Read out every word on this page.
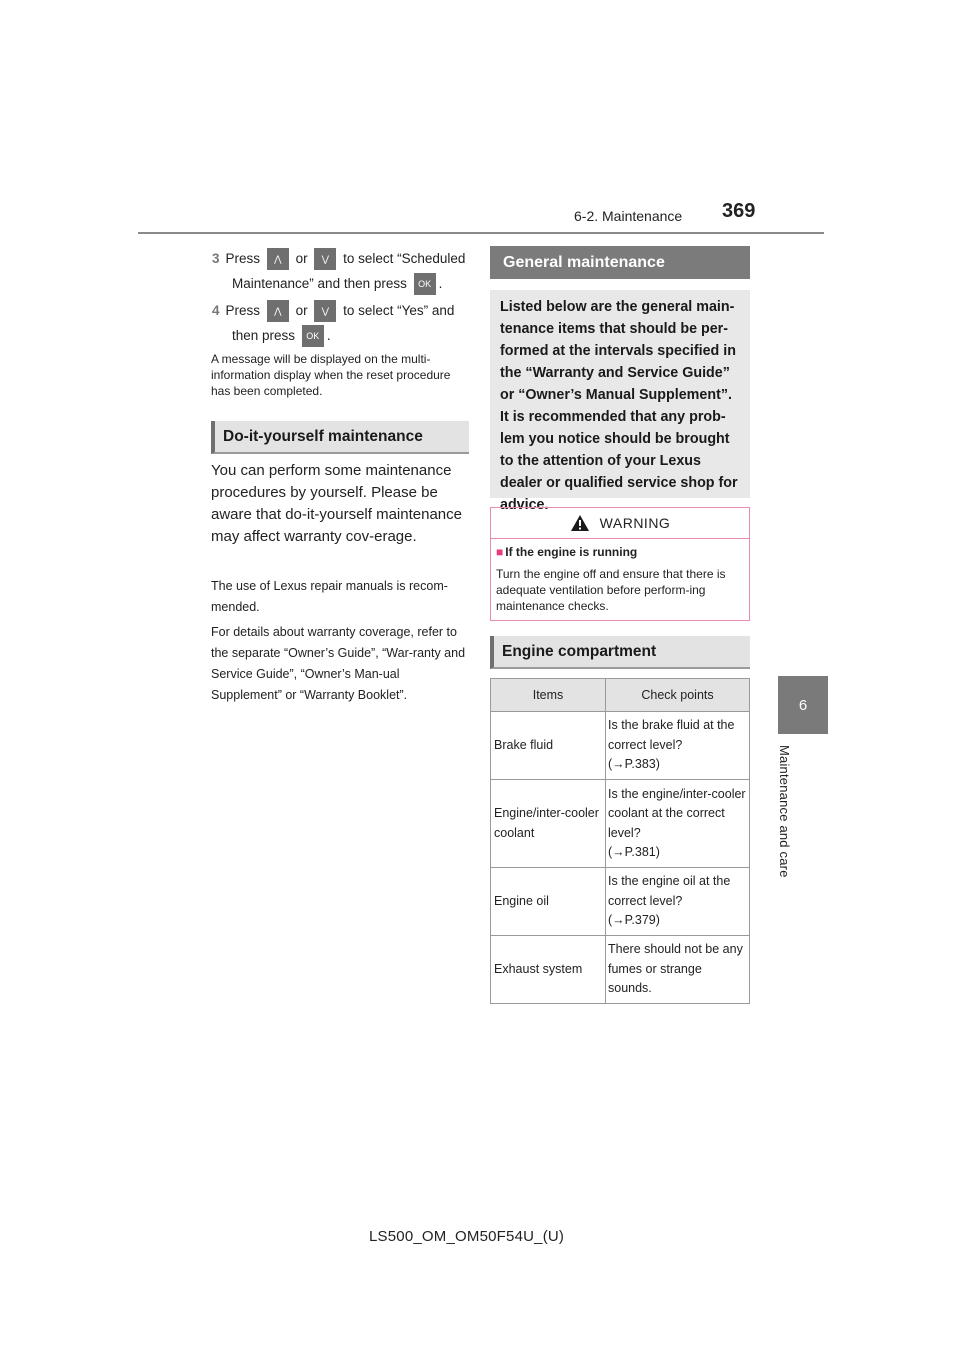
6-2. Maintenance 369
6
Maintenance and care
3 Press ⋀ or ⋁ to select “Scheduled
Maintenance” and then press OK .
4 Press ⋀ or ⋁ to select “Yes” and
then press OK .
A message will be displayed on the multi-information display when the reset procedure has been completed.
Do-it-yourself maintenance
You can perform some maintenance procedures by yourself. Please be aware that do-it-yourself maintenance may affect warranty cov-erage.
The use of Lexus repair manuals is recom-mended.
For details about warranty coverage, refer to the separate “Owner’s Guide”, “War-ranty and Service Guide”, “Owner’s Man-ual Supplement” or “Warranty Booklet”.
General maintenance
Listed below are the general main-tenance items that should be per-formed at the intervals specified in the “Warranty and Service Guide” or “Owner’s Manual Supplement”. It is recommended that any prob-lem you notice should be brought to the attention of your Lexus dealer or qualified service shop for advice.
WARNING
■ If the engine is running
Turn the engine off and ensure that there is adequate ventilation before perform-ing maintenance checks.
Engine compartment
Items	Check points
Brake fluid	Is the brake fluid at the correct level?
(→P.383)
Engine/inter-cooler coolant	Is the engine/inter-cooler coolant at the correct level?
(→P.381)
Engine oil	Is the engine oil at the correct level?
(→P.379)
Exhaust system	There should not be any fumes or strange sounds.
LS500_OM_OM50F54U_(U)
